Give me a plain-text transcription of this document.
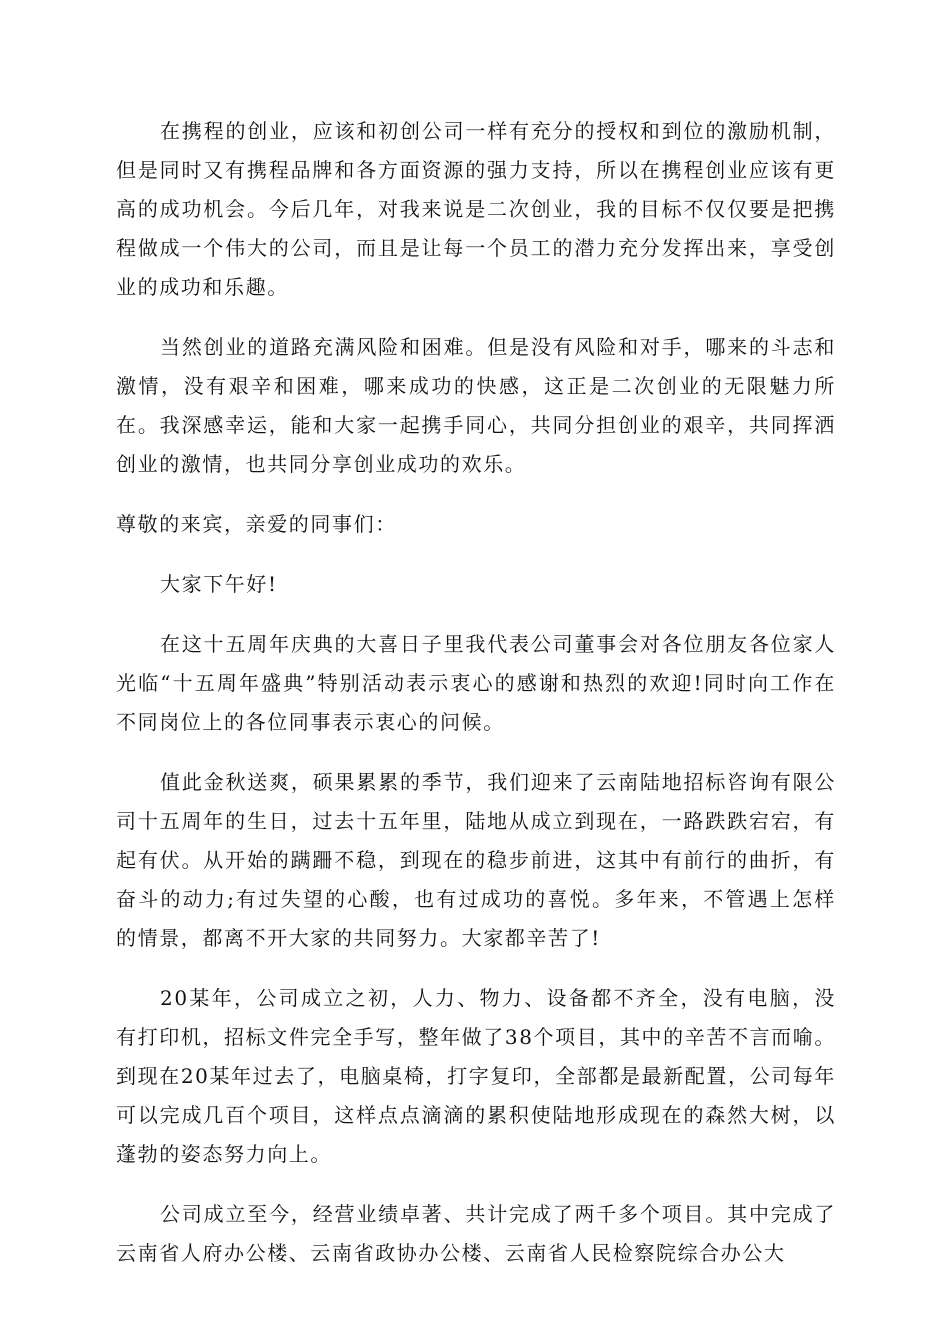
在携程的创业，应该和初创公司一样有充分的授权和到位的激励机制，但是同时又有携程品牌和各方面资源的强力支持，所以在携程创业应该有更高的成功机会。今后几年，对我来说是二次创业，我的目标不仅仅要是把携程做成一个伟大的公司，而且是让每一个员工的潜力充分发挥出来，享受创业的成功和乐趣。

当然创业的道路充满风险和困难。但是没有风险和对手，哪来的斗志和激情，没有艰辛和困难，哪来成功的快感，这正是二次创业的无限魅力所在。我深感幸运，能和大家一起携手同心，共同分担创业的艰辛，共同挥洒创业的激情，也共同分享创业成功的欢乐。

尊敬的来宾，亲爱的同事们：

大家下午好!

在这十五周年庆典的大喜日子里我代表公司董事会对各位朋友各位家人光临“十五周年盛典”特别活动表示衷心的感谢和热烈的欢迎!同时向工作在不同岗位上的各位同事表示衷心的问候。

值此金秋送爽，硕果累累的季节，我们迎来了云南陆地招标咨询有限公司十五周年的生日，过去十五年里，陆地从成立到现在，一路跌跌宕宕，有起有伏。从开始的蹒跚不稳，到现在的稳步前进，这其中有前行的曲折，有奋斗的动力;有过失望的心酸，也有过成功的喜悦。多年来，不管遇上怎样的情景，都离不开大家的共同努力。大家都辛苦了!

20某年，公司成立之初，人力、物力、设备都不齐全，没有电脑，没有打印机，招标文件完全手写，整年做了38个项目，其中的辛苦不言而喻。到现在20某年过去了，电脑桌椅，打字复印，全部都是最新配置，公司每年可以完成几百个项目，这样点点滴滴的累积使陆地形成现在的森然大树，以蓬勃的姿态努力向上。

公司成立至今，经营业绩卓著、共计完成了两千多个项目。其中完成了云南省人府办公楼、云南省政协办公楼、云南省人民检察院综合办公大
